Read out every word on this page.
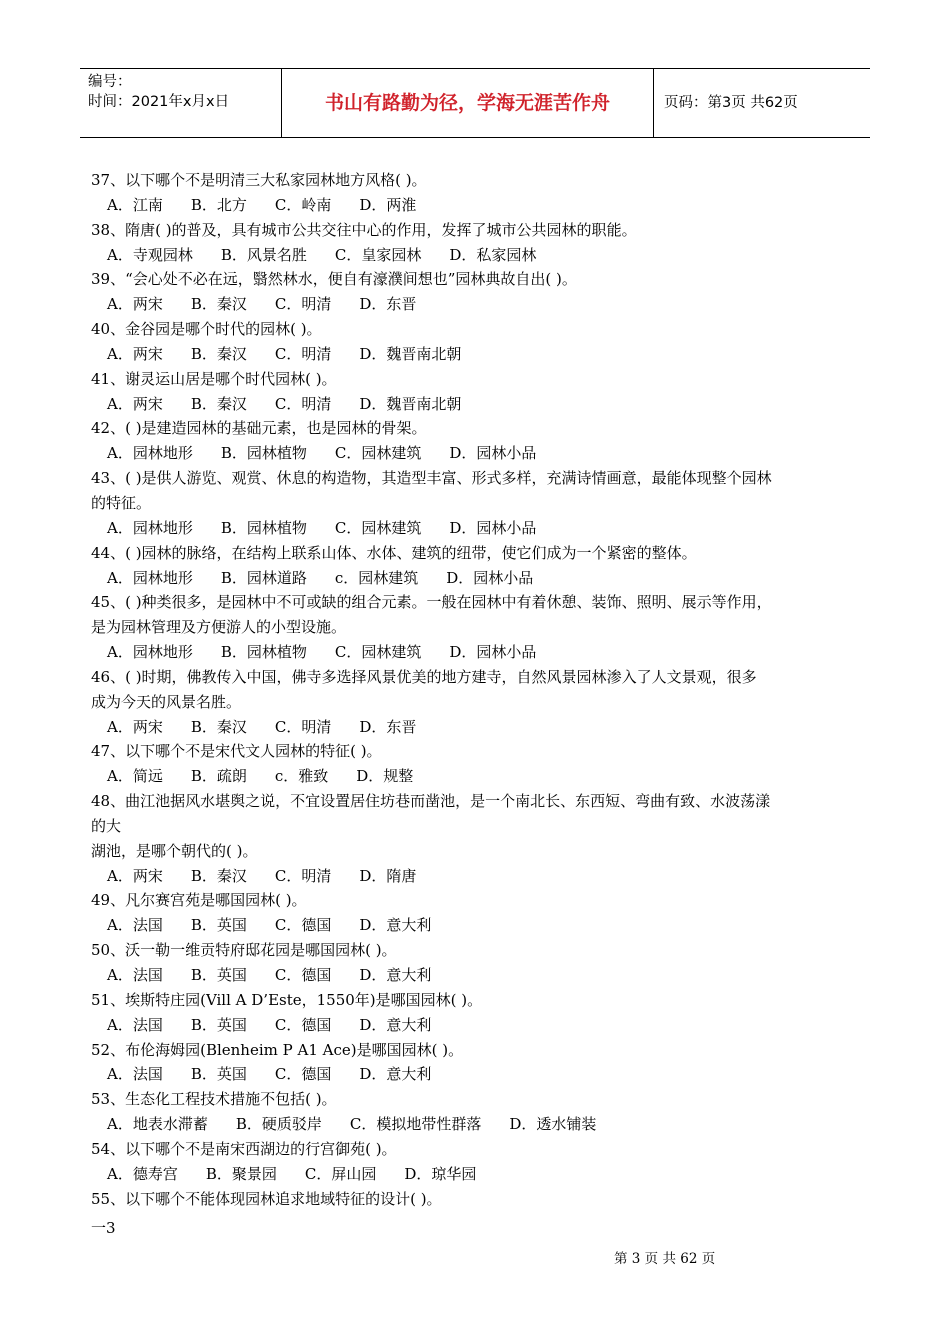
编号：
时间：2021年x月x日	书山有路勤为径，学海无涯苦作舟	页码：第3页 共62页
37、以下哪个不是明清三大私家园林地方风格( )。
A．江南 B．北方 C．岭南 D．两淮
38、隋唐( )的普及，具有城市公共交往中心的作用，发挥了城市公共园林的职能。
A．寺观园林 B．风景名胜 C．皇家园林 D．私家园林
39、“会心处不必在远，翳然林水，便自有濠濮间想也”园林典故自出( )。
A．两宋 B．秦汉 C．明清 D．东晋
40、金谷园是哪个时代的园林( )。
A．两宋 B．秦汉 C．明清 D．魏晋南北朝
41、谢灵运山居是哪个时代园林( )。
A．两宋 B．秦汉 C．明清 D．魏晋南北朝
42、( )是建造园林的基础元素，也是园林的骨架。
A．园林地形 B．园林植物 C．园林建筑 D．园林小品
43、( )是供人游览、观赏、休息的构造物，其造型丰富、形式多样，充满诗情画意，最能体现整个园林
的特征。
A．园林地形 B．园林植物 C．园林建筑 D．园林小品
44、( )园林的脉络，在结构上联系山体、水体、建筑的纽带，使它们成为一个紧密的整体。
A．园林地形 B．园林道路 c．园林建筑 D．园林小品
45、( )种类很多，是园林中不可或缺的组合元素。一般在园林中有着休憩、装饰、照明、展示等作用，
是为园林管理及方便游人的小型设施。
A．园林地形 B．园林植物 C．园林建筑 D．园林小品
46、( )时期，佛教传入中国，佛寺多选择风景优美的地方建寺，自然风景园林渗入了人文景观，很多
成为今天的风景名胜。
A．两宋 B．秦汉 C．明清 D．东晋
47、以下哪个不是宋代文人园林的特征( )。
A．简远 B．疏朗 c．雅致 D．规整
48、曲江池据风水堪舆之说，不宜设置居住坊巷而凿池，是一个南北长、东西短、弯曲有致、水波荡漾
的大
湖池，是哪个朝代的( )。
A．两宋 B．秦汉 C．明清 D．隋唐
49、凡尔赛宫苑是哪国园林( )。
A．法国 B．英国 C．德国 D．意大利
50、沃一勒一维贡特府邸花园是哪国园林( )。
A．法国 B．英国 C．德国 D．意大利
51、埃斯特庄园(Vill A D’Este，1550年)是哪国园林( )。
A．法国 B．英国 C．德国 D．意大利
52、布伦海姆园(Blenheim P A1 Ace)是哪国园林( )。
A．法国 B．英国 C．德国 D．意大利
53、生态化工程技术措施不包括( )。
A．地表水滞蓄 B．硬质驳岸 C．模拟地带性群落 D．透水铺装
54、以下哪个不是南宋西湖边的行宫御苑( )。
A．德寿宫 B．聚景园 C．屏山园 D．琼华园
55、以下哪个不能体现园林追求地域特征的设计( )。
一3
第 3 页 共 62 页
